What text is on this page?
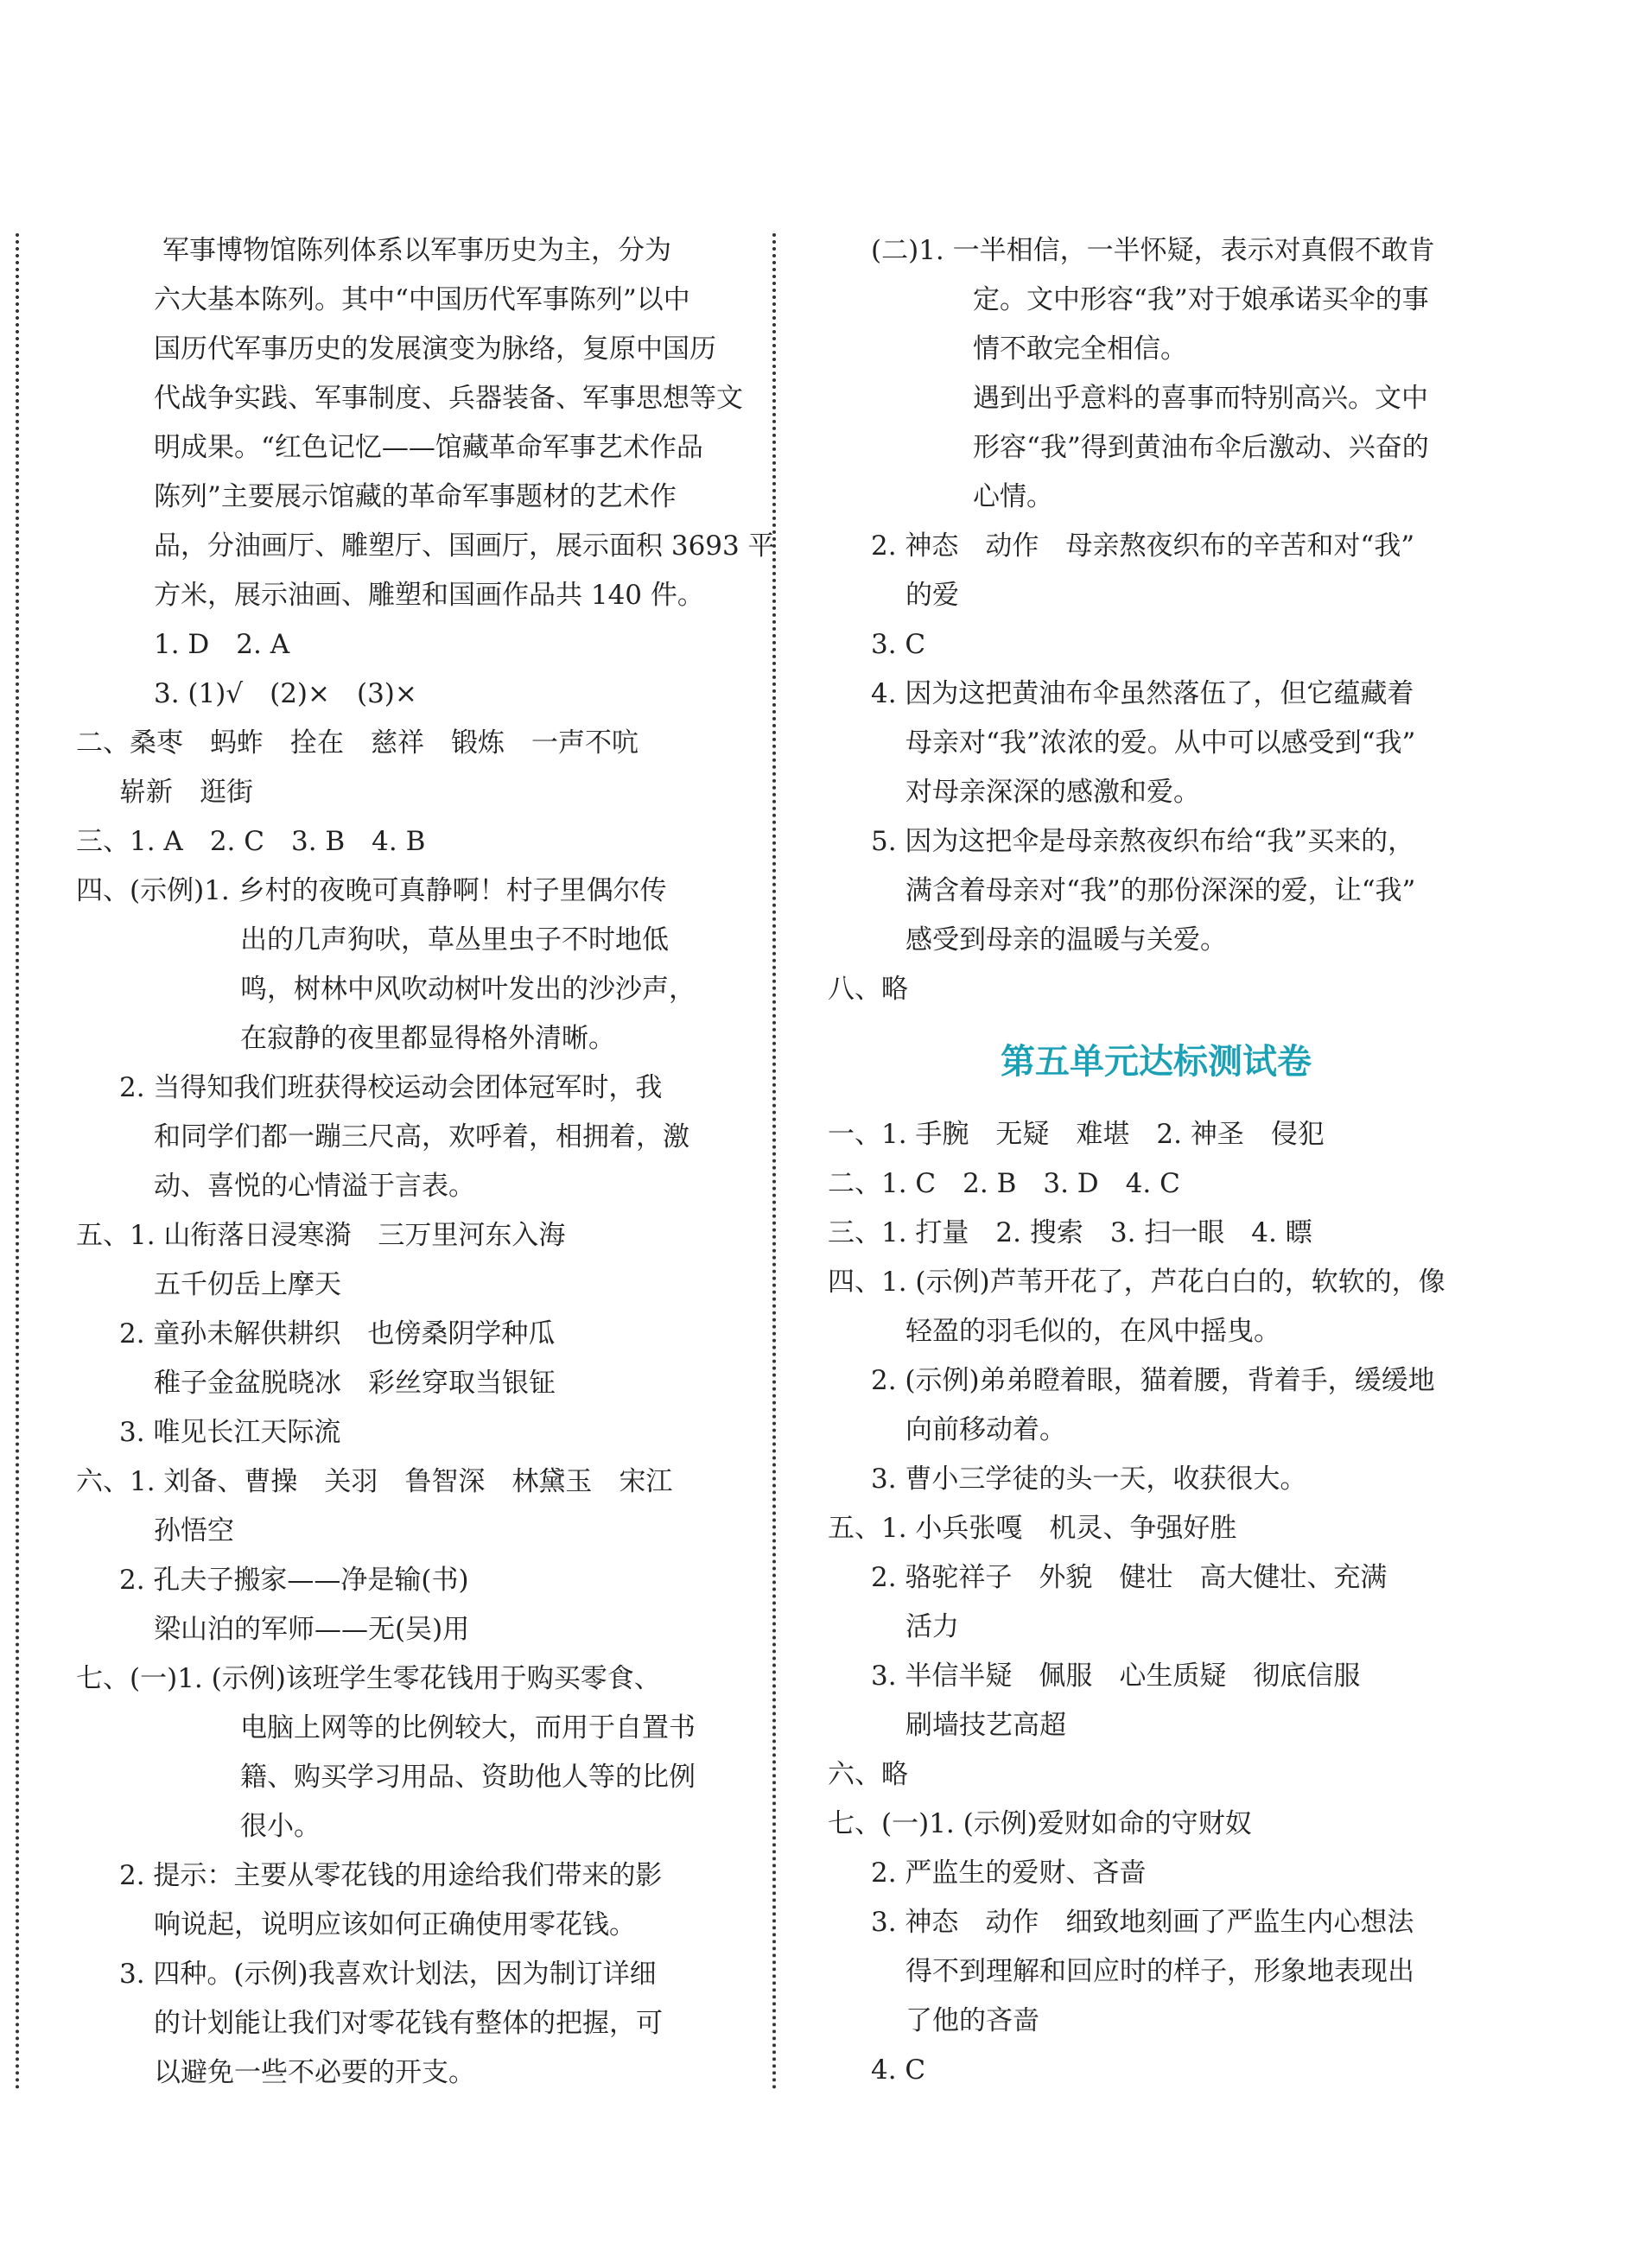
军事博物馆陈列体系以军事历史为主，分为
六大基本陈列。其中“中国历代军事陈列”以中
国历代军事历史的发展演变为脉络，复原中国历
代战争实践、军事制度、兵器装备、军事思想等文
明成果。“红色记忆——馆藏革命军事艺术作品
陈列”主要展示馆藏的革命军事题材的艺术作
品，分油画厅、雕塑厅、国画厅，展示面积 3693 平
方米，展示油画、雕塑和国画作品共 140 件。
1. D　2. A
3. (1)√　(2)×　(3)×
二、桑枣　蚂蚱　拴在　慈祥　锻炼　一声不吭
崭新　逛街
三、1. A　2. C　3. B　4. B
四、(示例)1. 乡村的夜晚可真静啊！村子里偶尔传
出的几声狗吠，草丛里虫子不时地低
鸣，树林中风吹动树叶发出的沙沙声，
在寂静的夜里都显得格外清晰。
2. 当得知我们班获得校运动会团体冠军时，我
和同学们都一蹦三尺高，欢呼着，相拥着，激
动、喜悦的心情溢于言表。
五、1. 山衔落日浸寒漪　三万里河东入海
五千仞岳上摩天
2. 童孙未解供耕织　也傍桑阴学种瓜
稚子金盆脱晓冰　彩丝穿取当银钲
3. 唯见长江天际流
六、1. 刘备、曹操　关羽　鲁智深　林黛玉　宋江
孙悟空
2. 孔夫子搬家——净是输(书)
梁山泊的军师——无(吴)用
七、(一)1. (示例)该班学生零花钱用于购买零食、
电脑上网等的比例较大，而用于自置书
籍、购买学习用品、资助他人等的比例
很小。
2. 提示：主要从零花钱的用途给我们带来的影
响说起，说明应该如何正确使用零花钱。
3. 四种。(示例)我喜欢计划法，因为制订详细
的计划能让我们对零花钱有整体的把握，可
以避免一些不必要的开支。
(二)1. 一半相信，一半怀疑，表示对真假不敢肯
定。文中形容“我”对于娘承诺买伞的事
情不敢完全相信。
遇到出乎意料的喜事而特别高兴。文中
形容“我”得到黄油布伞后激动、兴奋的
心情。
2. 神态　动作　母亲熬夜织布的辛苦和对“我”
的爱
3. C
4. 因为这把黄油布伞虽然落伍了，但它蕴藏着
母亲对“我”浓浓的爱。从中可以感受到“我”
对母亲深深的感激和爱。
5. 因为这把伞是母亲熬夜织布给“我”买来的，
满含着母亲对“我”的那份深深的爱，让“我”
感受到母亲的温暖与关爱。
八、略
第五单元达标测试卷
一、1. 手腕　无疑　难堪　2. 神圣　侵犯
二、1. C　2. B　3. D　4. C
三、1. 打量　2. 搜索　3. 扫一眼　4. 瞟
四、1. (示例)芦苇开花了，芦花白白的，软软的，像
轻盈的羽毛似的，在风中摇曳。
2. (示例)弟弟瞪着眼，猫着腰，背着手，缓缓地
向前移动着。
3. 曹小三学徒的头一天，收获很大。
五、1. 小兵张嘎　机灵、争强好胜
2. 骆驼祥子　外貌　健壮　高大健壮、充满
活力
3. 半信半疑　佩服　心生质疑　彻底信服
刷墙技艺高超
六、略
七、(一)1. (示例)爱财如命的守财奴
2. 严监生的爱财、吝啬
3. 神态　动作　细致地刻画了严监生内心想法
得不到理解和回应时的样子，形象地表现出
了他的吝啬
4. C
